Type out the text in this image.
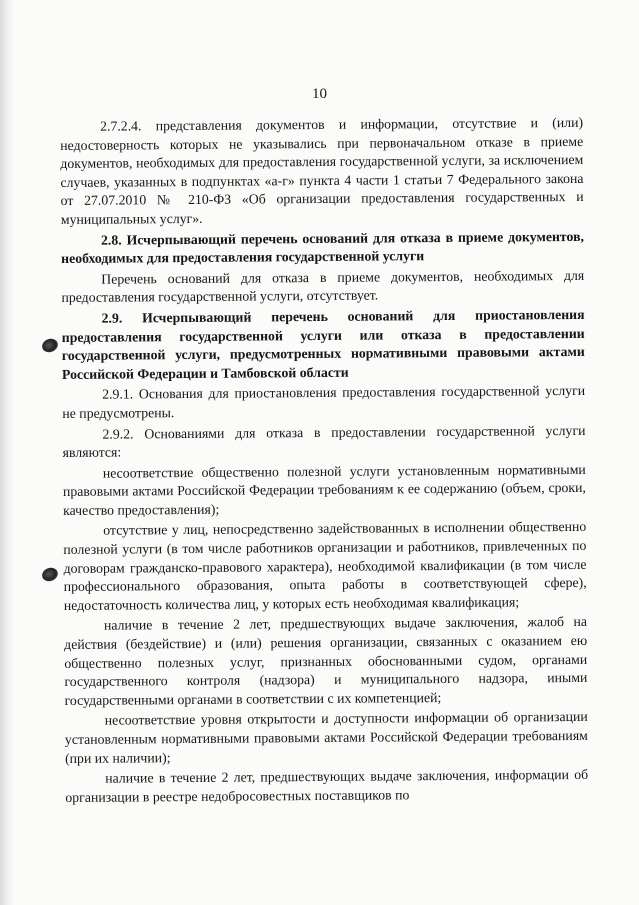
10

2.7.2.4. представления документов и информации, отсутствие и (или) недостоверность которых не указывались при первоначальном отказе в приеме документов, необходимых для предоставления государственной услуги, за исключением случаев, указанных в подпунктах «а-г» пункта 4 части 1 статьи 7 Федерального закона от 27.07.2010 № 210-ФЗ «Об организации предоставления государственных и муниципальных услуг».

2.8. Исчерпывающий перечень оснований для отказа в приеме документов, необходимых для предоставления государственной услуги

Перечень оснований для отказа в приеме документов, необходимых для предоставления государственной услуги, отсутствует.

2.9. Исчерпывающий перечень оснований для приостановления предоставления государственной услуги или отказа в предоставлении государственной услуги, предусмотренных нормативными правовыми актами Российской Федерации и Тамбовской области

2.9.1. Основания для приостановления предоставления государственной услуги не предусмотрены.

2.9.2. Основаниями для отказа в предоставлении государственной услуги являются:

несоответствие общественно полезной услуги установленным нормативными правовыми актами Российской Федерации требованиям к ее содержанию (объем, сроки, качество предоставления);

отсутствие у лиц, непосредственно задействованных в исполнении общественно полезной услуги (в том числе работников организации и работников, привлеченных по договорам гражданско-правового характера), необходимой квалификации (в том числе профессионального образования, опыта работы в соответствующей сфере), недостаточность количества лиц, у которых есть необходимая квалификация;

наличие в течение 2 лет, предшествующих выдаче заключения, жалоб на действия (бездействие) и (или) решения организации, связанных с оказанием ею общественно полезных услуг, признанных обоснованными судом, органами государственного контроля (надзора) и муниципального надзора, иными государственными органами в соответствии с их компетенцией;

несоответствие уровня открытости и доступности информации об организации установленным нормативными правовыми актами Российской Федерации требованиям (при их наличии);

наличие в течение 2 лет, предшествующих выдаче заключения, информации об организации в реестре недобросовестных поставщиков по
